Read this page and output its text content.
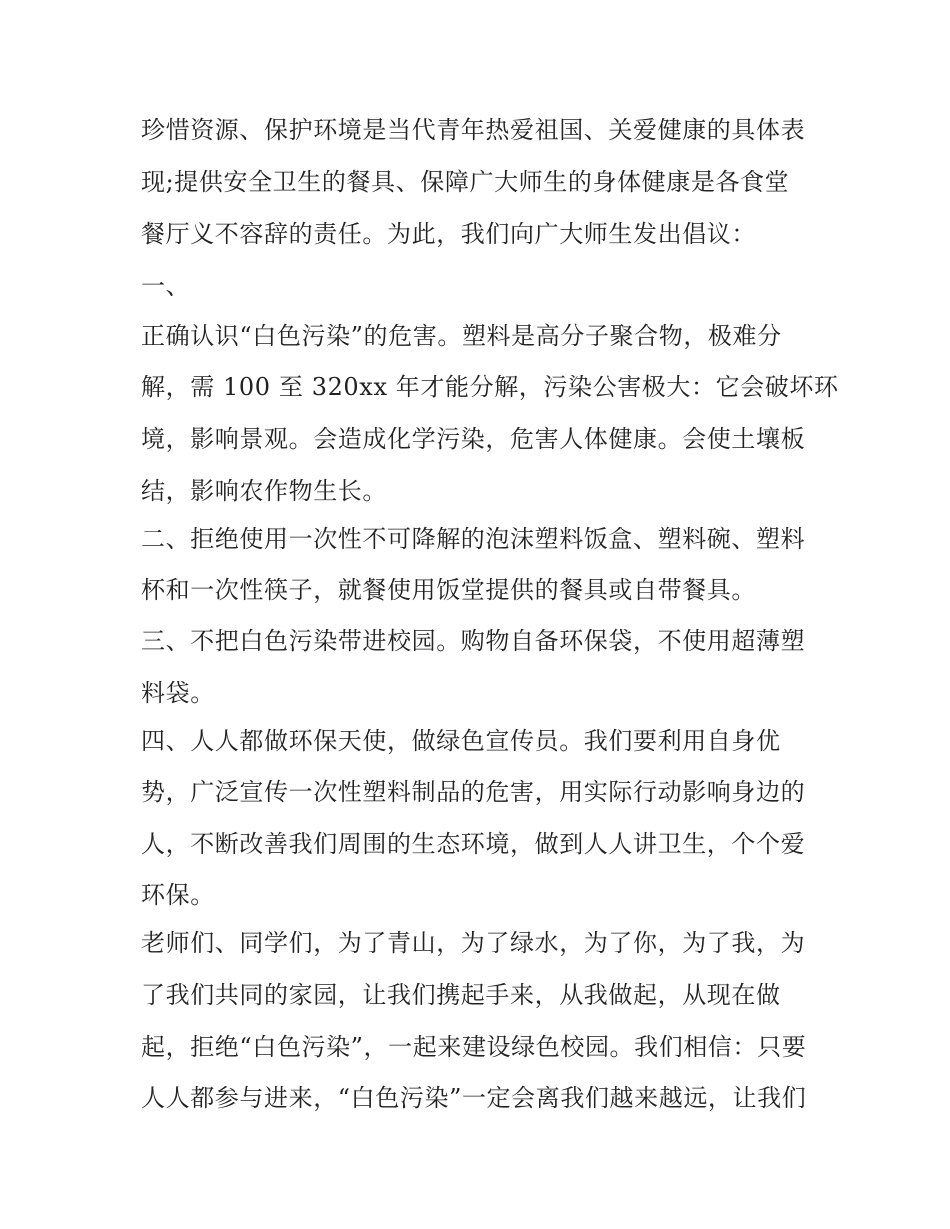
珍惜资源、保护环境是当代青年热爱祖国、关爱健康的具体表

现;提供安全卫生的餐具、保障广大师生的身体健康是各食堂

餐厅义不容辞的责任。为此，我们向广大师生发出倡议：

一、

正确认识“白色污染”的危害。塑料是高分子聚合物，极难分

解，需 100 至 320xx 年才能分解，污染公害极大：它会破坏环

境，影响景观。会造成化学污染，危害人体健康。会使土壤板

结，影响农作物生长。

二、拒绝使用一次性不可降解的泡沫塑料饭盒、塑料碗、塑料

杯和一次性筷子，就餐使用饭堂提供的餐具或自带餐具。

三、不把白色污染带进校园。购物自备环保袋，不使用超薄塑

料袋。

四、人人都做环保天使，做绿色宣传员。我们要利用自身优

势，广泛宣传一次性塑料制品的危害，用实际行动影响身边的

人，不断改善我们周围的生态环境，做到人人讲卫生，个个爱

环保。

老师们、同学们，为了青山，为了绿水，为了你，为了我，为

了我们共同的家园，让我们携起手来，从我做起，从现在做

起，拒绝“白色污染”，一起来建设绿色校园。我们相信：只要

人人都参与进来，“白色污染”一定会离我们越来越远，让我们
